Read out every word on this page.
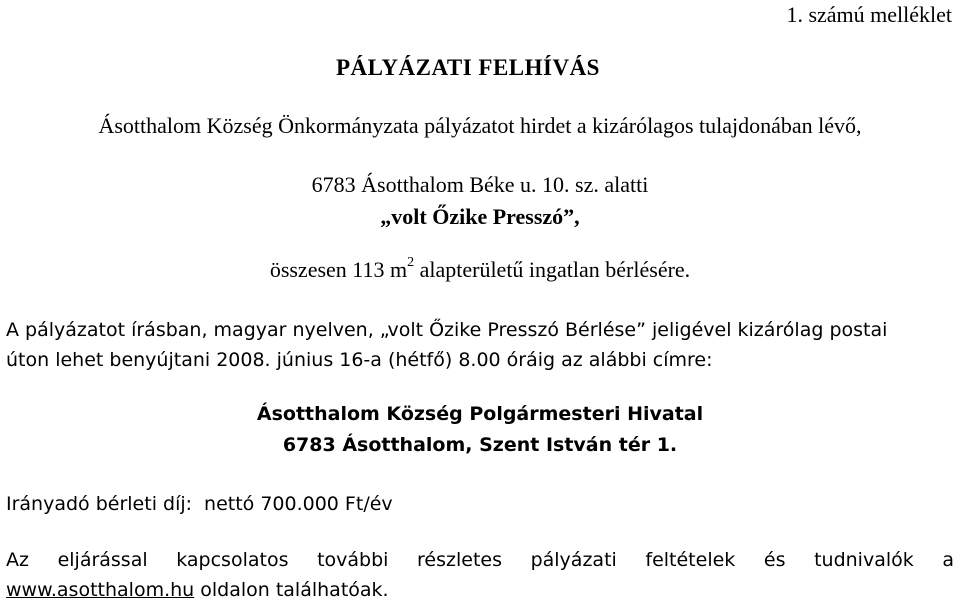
1. számú melléklet
PÁLYÁZATI FELHÍVÁS
Ásotthalom Község Önkormányzata pályázatot hirdet a kizárólagos tulajdonában lévő,
6783 Ásotthalom Béke u. 10. sz. alatti
„volt Őzike Presszó”,
összesen 113 $m^2$ alapterületű ingatlan bérlésére.
A pályázatot írásban, magyar nyelven, „volt Őzike Presszó Bérlése” jeligével kizárólag postai
úton lehet benyújtani 2008. június 16-a (hétfő) 8.00 óráig az alábbi címre:
Ásotthalom Község Polgármesteri Hivatal
6783 Ásotthalom, Szent István tér 1.
Irányadó bérleti díj: nettó 700.000 Ft/év
Az eljárással kapcsolatos további részletes pályázati feltételek és tudnivalók a
www.asotthalom.hu oldalon találhatóak.
